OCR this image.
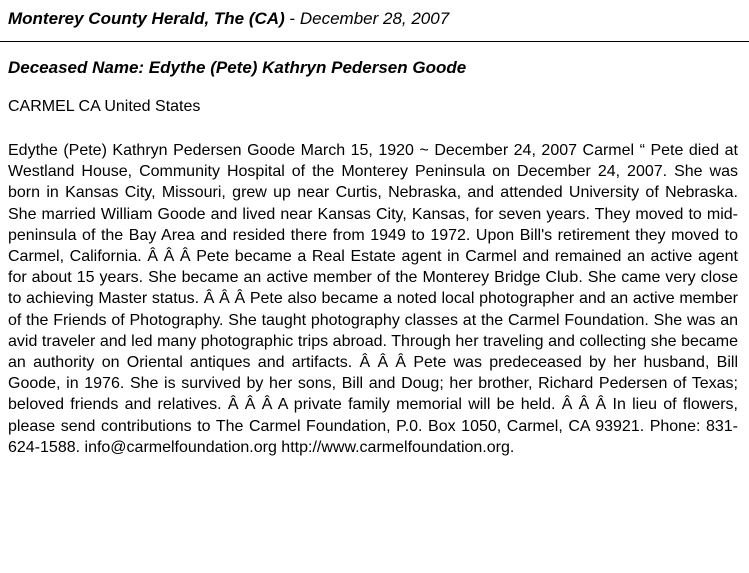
Monterey County Herald, The (CA) - December 28, 2007
Deceased Name: Edythe (Pete) Kathryn Pedersen Goode
CARMEL CA United States

Edythe (Pete) Kathryn Pedersen Goode March 15, 1920 ~ December 24, 2007 Carmel “ Pete died at Westland House, Community Hospital of the Monterey Peninsula on December 24, 2007. She was born in Kansas City, Missouri, grew up near Curtis, Nebraska, and attended University of Nebraska. She married William Goode and lived near Kansas City, Kansas, for seven years. They moved to mid-peninsula of the Bay Area and resided there from 1949 to 1972. Upon Bill's retirement they moved to Carmel, California. Â Â Â Pete became a Real Estate agent in Carmel and remained an active agent for about 15 years. She became an active member of the Monterey Bridge Club. She came very close to achieving Master status. Â Â Â Pete also became a noted local photographer and an active member of the Friends of Photography. She taught photography classes at the Carmel Foundation. She was an avid traveler and led many photographic trips abroad. Through her traveling and collecting she became an authority on Oriental antiques and artifacts. Â Â Â Pete was predeceased by her husband, Bill Goode, in 1976. She is survived by her sons, Bill and Doug; her brother, Richard Pedersen of Texas; beloved friends and relatives. Â Â Â A private family memorial will be held. Â Â Â In lieu of flowers, please send contributions to The Carmel Foundation, P.0. Box 1050, Carmel, CA 93921. Phone: 831-624-1588. info@carmelfoundation.org http://www.carmelfoundation.org.
